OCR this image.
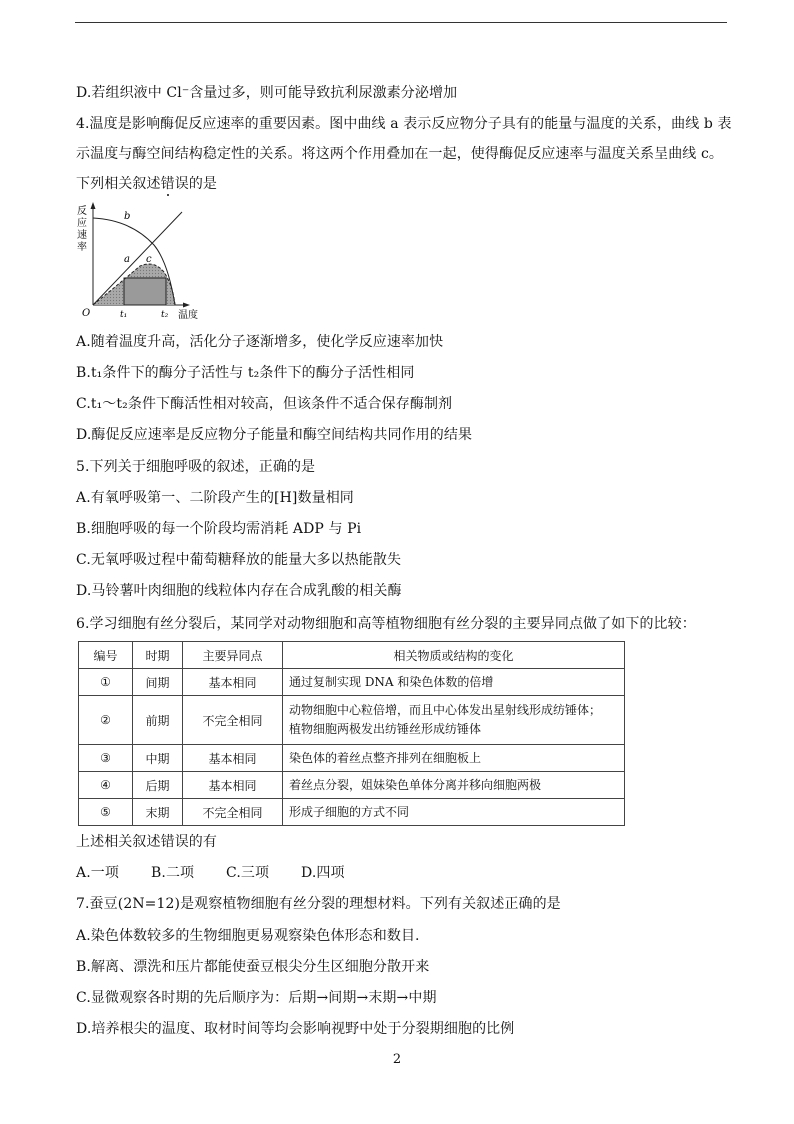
D.若组织液中 Cl⁻含量过多，则可能导致抗利尿激素分泌增加
4.温度是影响酶促反应速率的重要因素。图中曲线 a 表示反应物分子具有的能量与温度的关系，曲线 b 表
示温度与酶空间结构稳定性的关系。将这两个作用叠加在一起，使得酶促反应速率与温度关系呈曲线 c。
下列相关叙述错误的是
反
应
速
率
b
a c
O	t₁	t₂ 温度
A.随着温度升高，活化分子逐渐增多，使化学反应速率加快
B.t₁条件下的酶分子活性与 t₂条件下的酶分子活性相同
C.t₁～t₂条件下酶活性相对较高，但该条件不适合保存酶制剂
D.酶促反应速率是反应物分子能量和酶空间结构共同作用的结果
5.下列关于细胞呼吸的叙述，正确的是
A.有氧呼吸第一、二阶段产生的[H]数量相同
B.细胞呼吸的每一个阶段均需消耗 ADP 与 Pi
C.无氧呼吸过程中葡萄糖释放的能量大多以热能散失
D.马铃薯叶肉细胞的线粒体内存在合成乳酸的相关酶
6.学习细胞有丝分裂后，某同学对动物细胞和高等植物细胞有丝分裂的主要异同点做了如下的比较：
编号	时期	主要异同点	相关物质或结构的变化
①	间期	基本相同	通过复制实现 DNA 和染色体数的倍增
②	前期	不完全相同	动物细胞中心粒倍增，而且中心体发出星射线形成纺锤体；
植物细胞两极发出纺锤丝形成纺锤体

③	中期	基本相同	染色体的着丝点整齐排列在细胞板上
④	后期	基本相同	着丝点分裂，姐妹染色单体分离并移向细胞两极
⑤	末期	不完全相同	形成子细胞的方式不同
上述相关叙述错误的有
A.一项 B.二项 C.三项 D.四项
7.蚕豆(2N=12)是观察植物细胞有丝分裂的理想材料。下列有关叙述正确的是
A.染色体数较多的生物细胞更易观察染色体形态和数目.
B.解离、漂洗和压片都能使蚕豆根尖分生区细胞分散开来
C.显微观察各时期的先后顺序为：后期→间期→末期→中期
D.培养根尖的温度、取材时间等均会影响视野中处于分裂期细胞的比例
2
